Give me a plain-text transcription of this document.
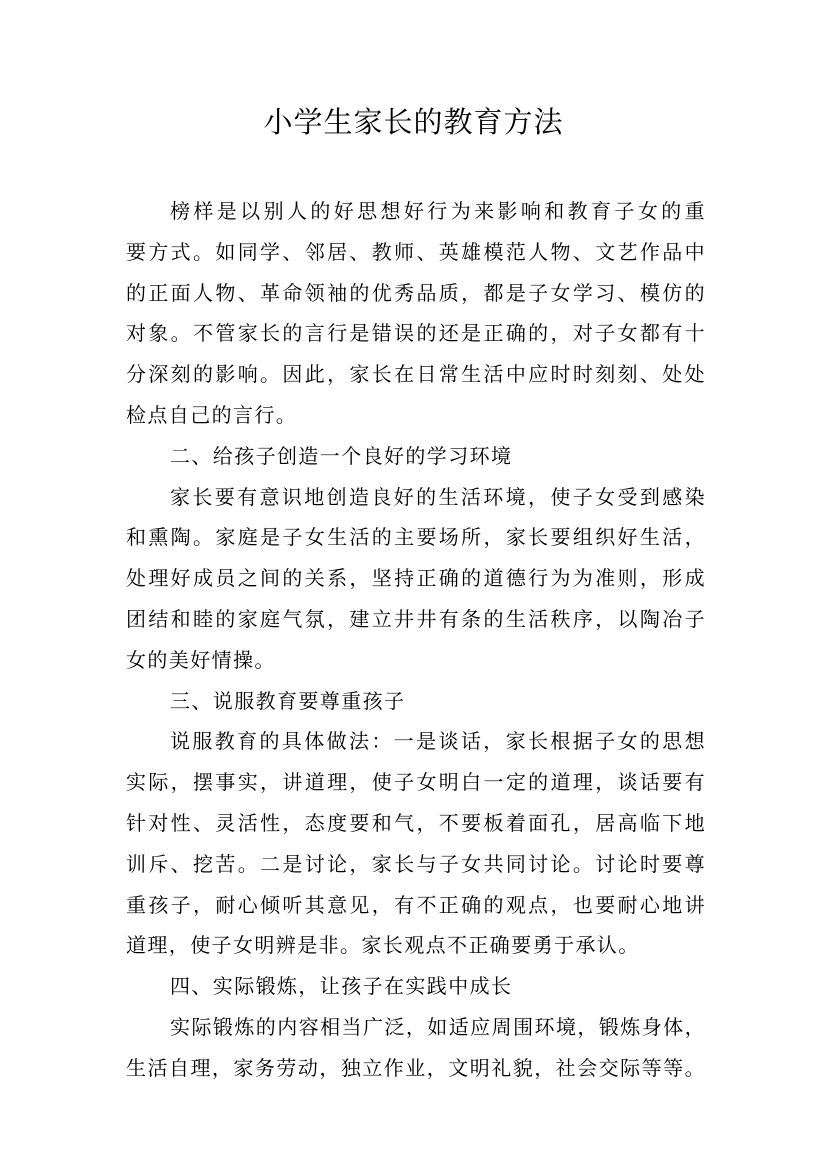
小学生家长的教育方法
榜样是以别人的好思想好行为来影响和教育子女的重
要方式。如同学、邻居、教师、英雄模范人物、文艺作品中
的正面人物、革命领袖的优秀品质，都是子女学习、模仿的
对象。不管家长的言行是错误的还是正确的，对子女都有十
分深刻的影响。因此，家长在日常生活中应时时刻刻、处处
检点自己的言行。
二、给孩子创造一个良好的学习环境
家长要有意识地创造良好的生活环境，使子女受到感染
和熏陶。家庭是子女生活的主要场所，家长要组织好生活，
处理好成员之间的关系，坚持正确的道德行为为准则，形成
团结和睦的家庭气氛，建立井井有条的生活秩序，以陶冶子
女的美好情操。
三、说服教育要尊重孩子
说服教育的具体做法：一是谈话，家长根据子女的思想
实际，摆事实，讲道理，使子女明白一定的道理，谈话要有
针对性、灵活性，态度要和气，不要板着面孔，居高临下地
训斥、挖苦。二是讨论，家长与子女共同讨论。讨论时要尊
重孩子，耐心倾听其意见，有不正确的观点，也要耐心地讲
道理，使子女明辨是非。家长观点不正确要勇于承认。
四、实际锻炼，让孩子在实践中成长
实际锻炼的内容相当广泛，如适应周围环境，锻炼身体，
生活自理，家务劳动，独立作业，文明礼貌，社会交际等等。
